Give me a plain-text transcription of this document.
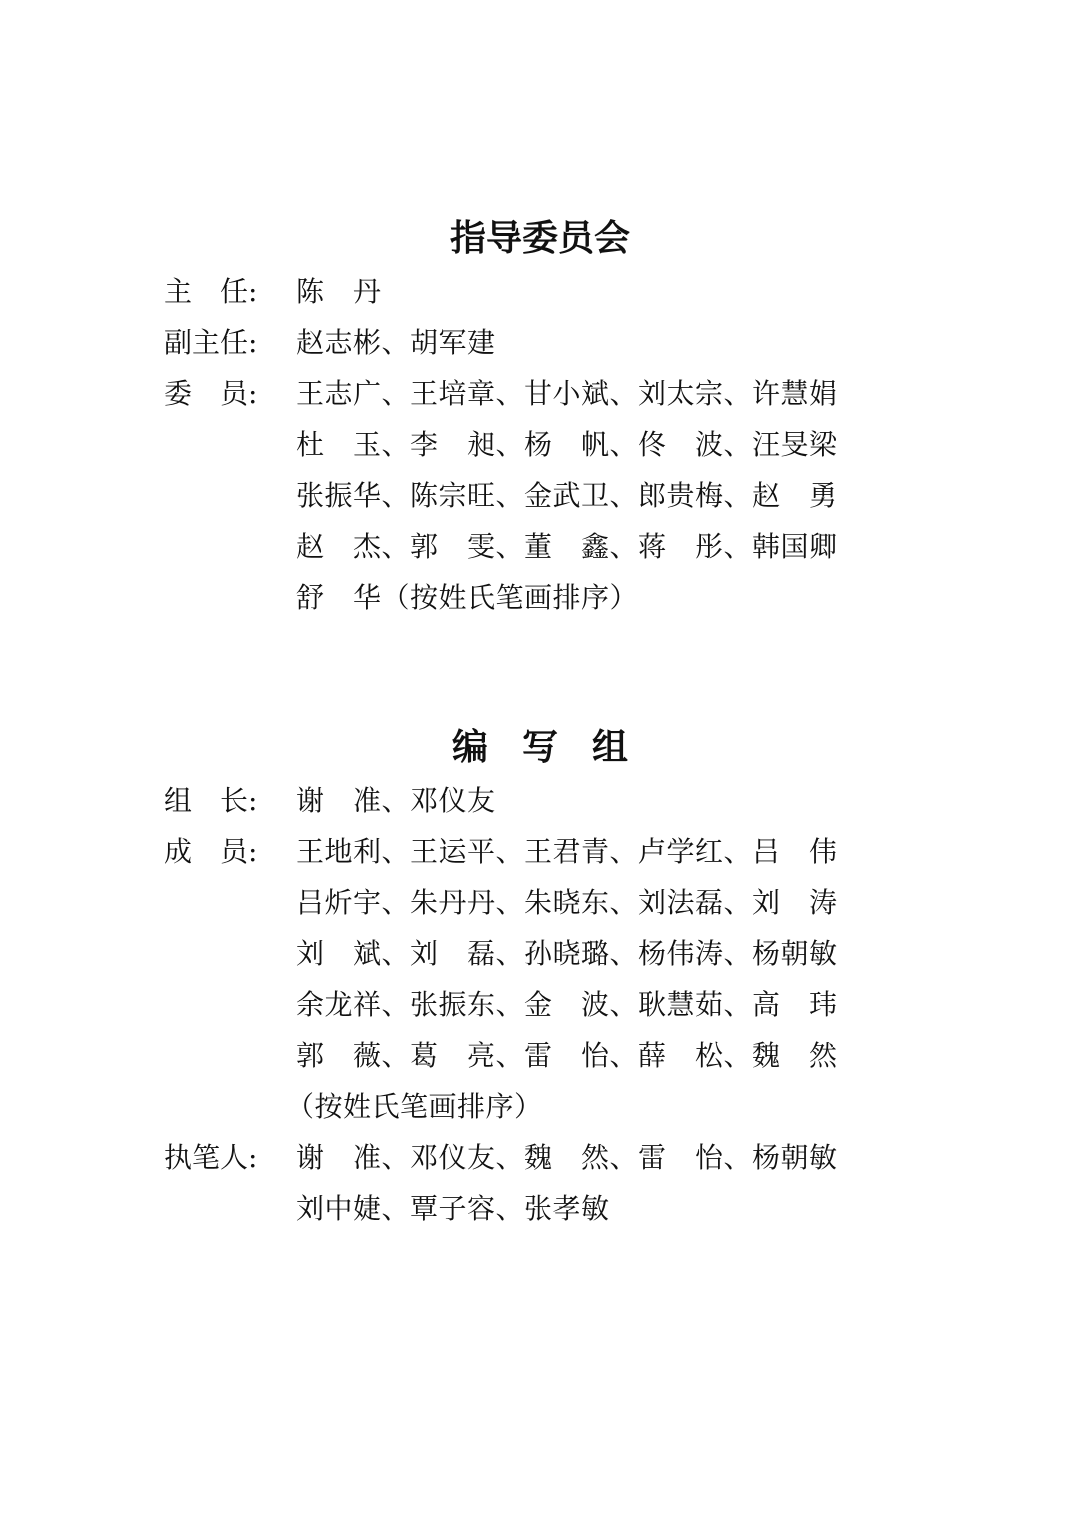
指导委员会
主　任:	陈　丹
副主任:	赵志彬、胡军建
委　员:	王志广、王培章、甘小斌、刘太宗、许慧娟
杜　玉、李　昶、杨　帆、佟　波、汪旻梁
张振华、陈宗旺、金武卫、郎贵梅、赵　勇
赵　杰、郭　雯、董　鑫、蒋　彤、韩国卿
舒　华（按姓氏笔画排序）
编写组
组　长:	谢　准、邓仪友
成　员:	王地利、王运平、王君青、卢学红、吕　伟
吕炘宇、朱丹丹、朱晓东、刘法磊、刘　涛
刘　斌、刘　磊、孙晓璐、杨伟涛、杨朝敏
余龙祥、张振东、金　波、耿慧茹、高　玮
郭　薇、葛　亮、雷　怡、薛　松、魏　然
（按姓氏笔画排序）
执笔人:	谢　准、邓仪友、魏　然、雷　怡、杨朝敏
刘中婕、覃子容、张孝敏
